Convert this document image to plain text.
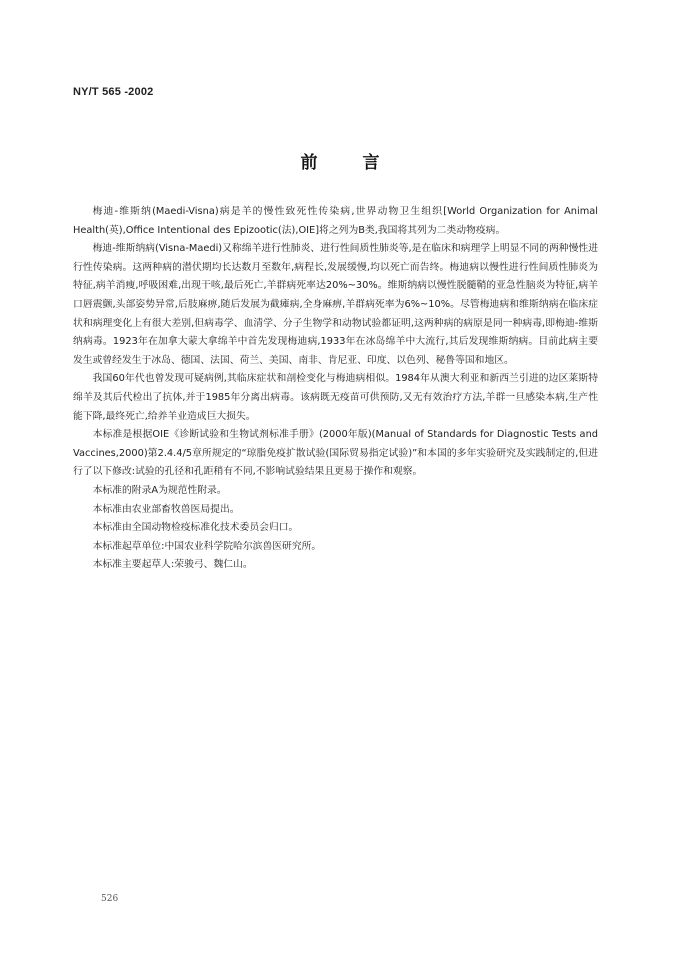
NY/T 565 -2002
前　言

梅迪-维斯纳(Maedi-Visna)病是羊的慢性致死性传染病,世界动物卫生组织[World Organization for Animal Health(英),Office Intentional des Epizootic(法),OIE]将之列为B类,我国将其列为二类动物疫病。

梅迪-维斯纳病(Visna-Maedi)又称绵羊进行性肺炎、进行性间质性肺炎等,是在临床和病理学上明显不同的两种慢性进行性传染病。这两种病的潜伏期均长达数月至数年,病程长,发展缓慢,均以死亡而告终。梅迪病以慢性进行性间质性肺炎为特征,病羊消瘦,呼吸困难,出现干咳,最后死亡,羊群病死率达20%~30%。维斯纳病以慢性脱髓鞘的亚急性脑炎为特征,病羊口唇震颤,头部姿势异常,后肢麻痹,随后发展为截瘫病,全身麻痹,羊群病死率为6%~10%。尽管梅迪病和维斯纳病在临床症状和病理变化上有很大差别,但病毒学、血清学、分子生物学和动物试验都证明,这两种病的病原是同一种病毒,即梅迪-维斯纳病毒。1923年在加拿大蒙大拿绵羊中首先发现梅迪病,1933年在冰岛绵羊中大流行,其后发现维斯纳病。目前此病主要发生或曾经发生于冰岛、德国、法国、荷兰、美国、南非、肯尼亚、印度、以色列、秘鲁等国和地区。

我国60年代也曾发现可疑病例,其临床症状和剖检变化与梅迪病相似。1984年从澳大利亚和新西兰引进的边区莱斯特绵羊及其后代检出了抗体,并于1985年分离出病毒。该病既无疫苗可供预防,又无有效治疗方法,羊群一旦感染本病,生产性能下降,最终死亡,给养羊业造成巨大损失。

本标准是根据OIE《诊断试验和生物试剂标准手册》(2000年版)(Manual of Standards for Diagnostic Tests and Vaccines,2000)第2.4.4/5章所规定的“琼脂免疫扩散试验(国际贸易指定试验)”和本国的多年实验研究及实践制定的,但进行了以下修改:试验的孔径和孔距稍有不同,不影响试验结果且更易于操作和观察。

本标准的附录A为规范性附录。

本标准由农业部畜牧兽医局提出。

本标准由全国动物检疫标准化技术委员会归口。

本标准起草单位:中国农业科学院哈尔滨兽医研究所。

本标准主要起草人:荣骏弓、魏仁山。

526
